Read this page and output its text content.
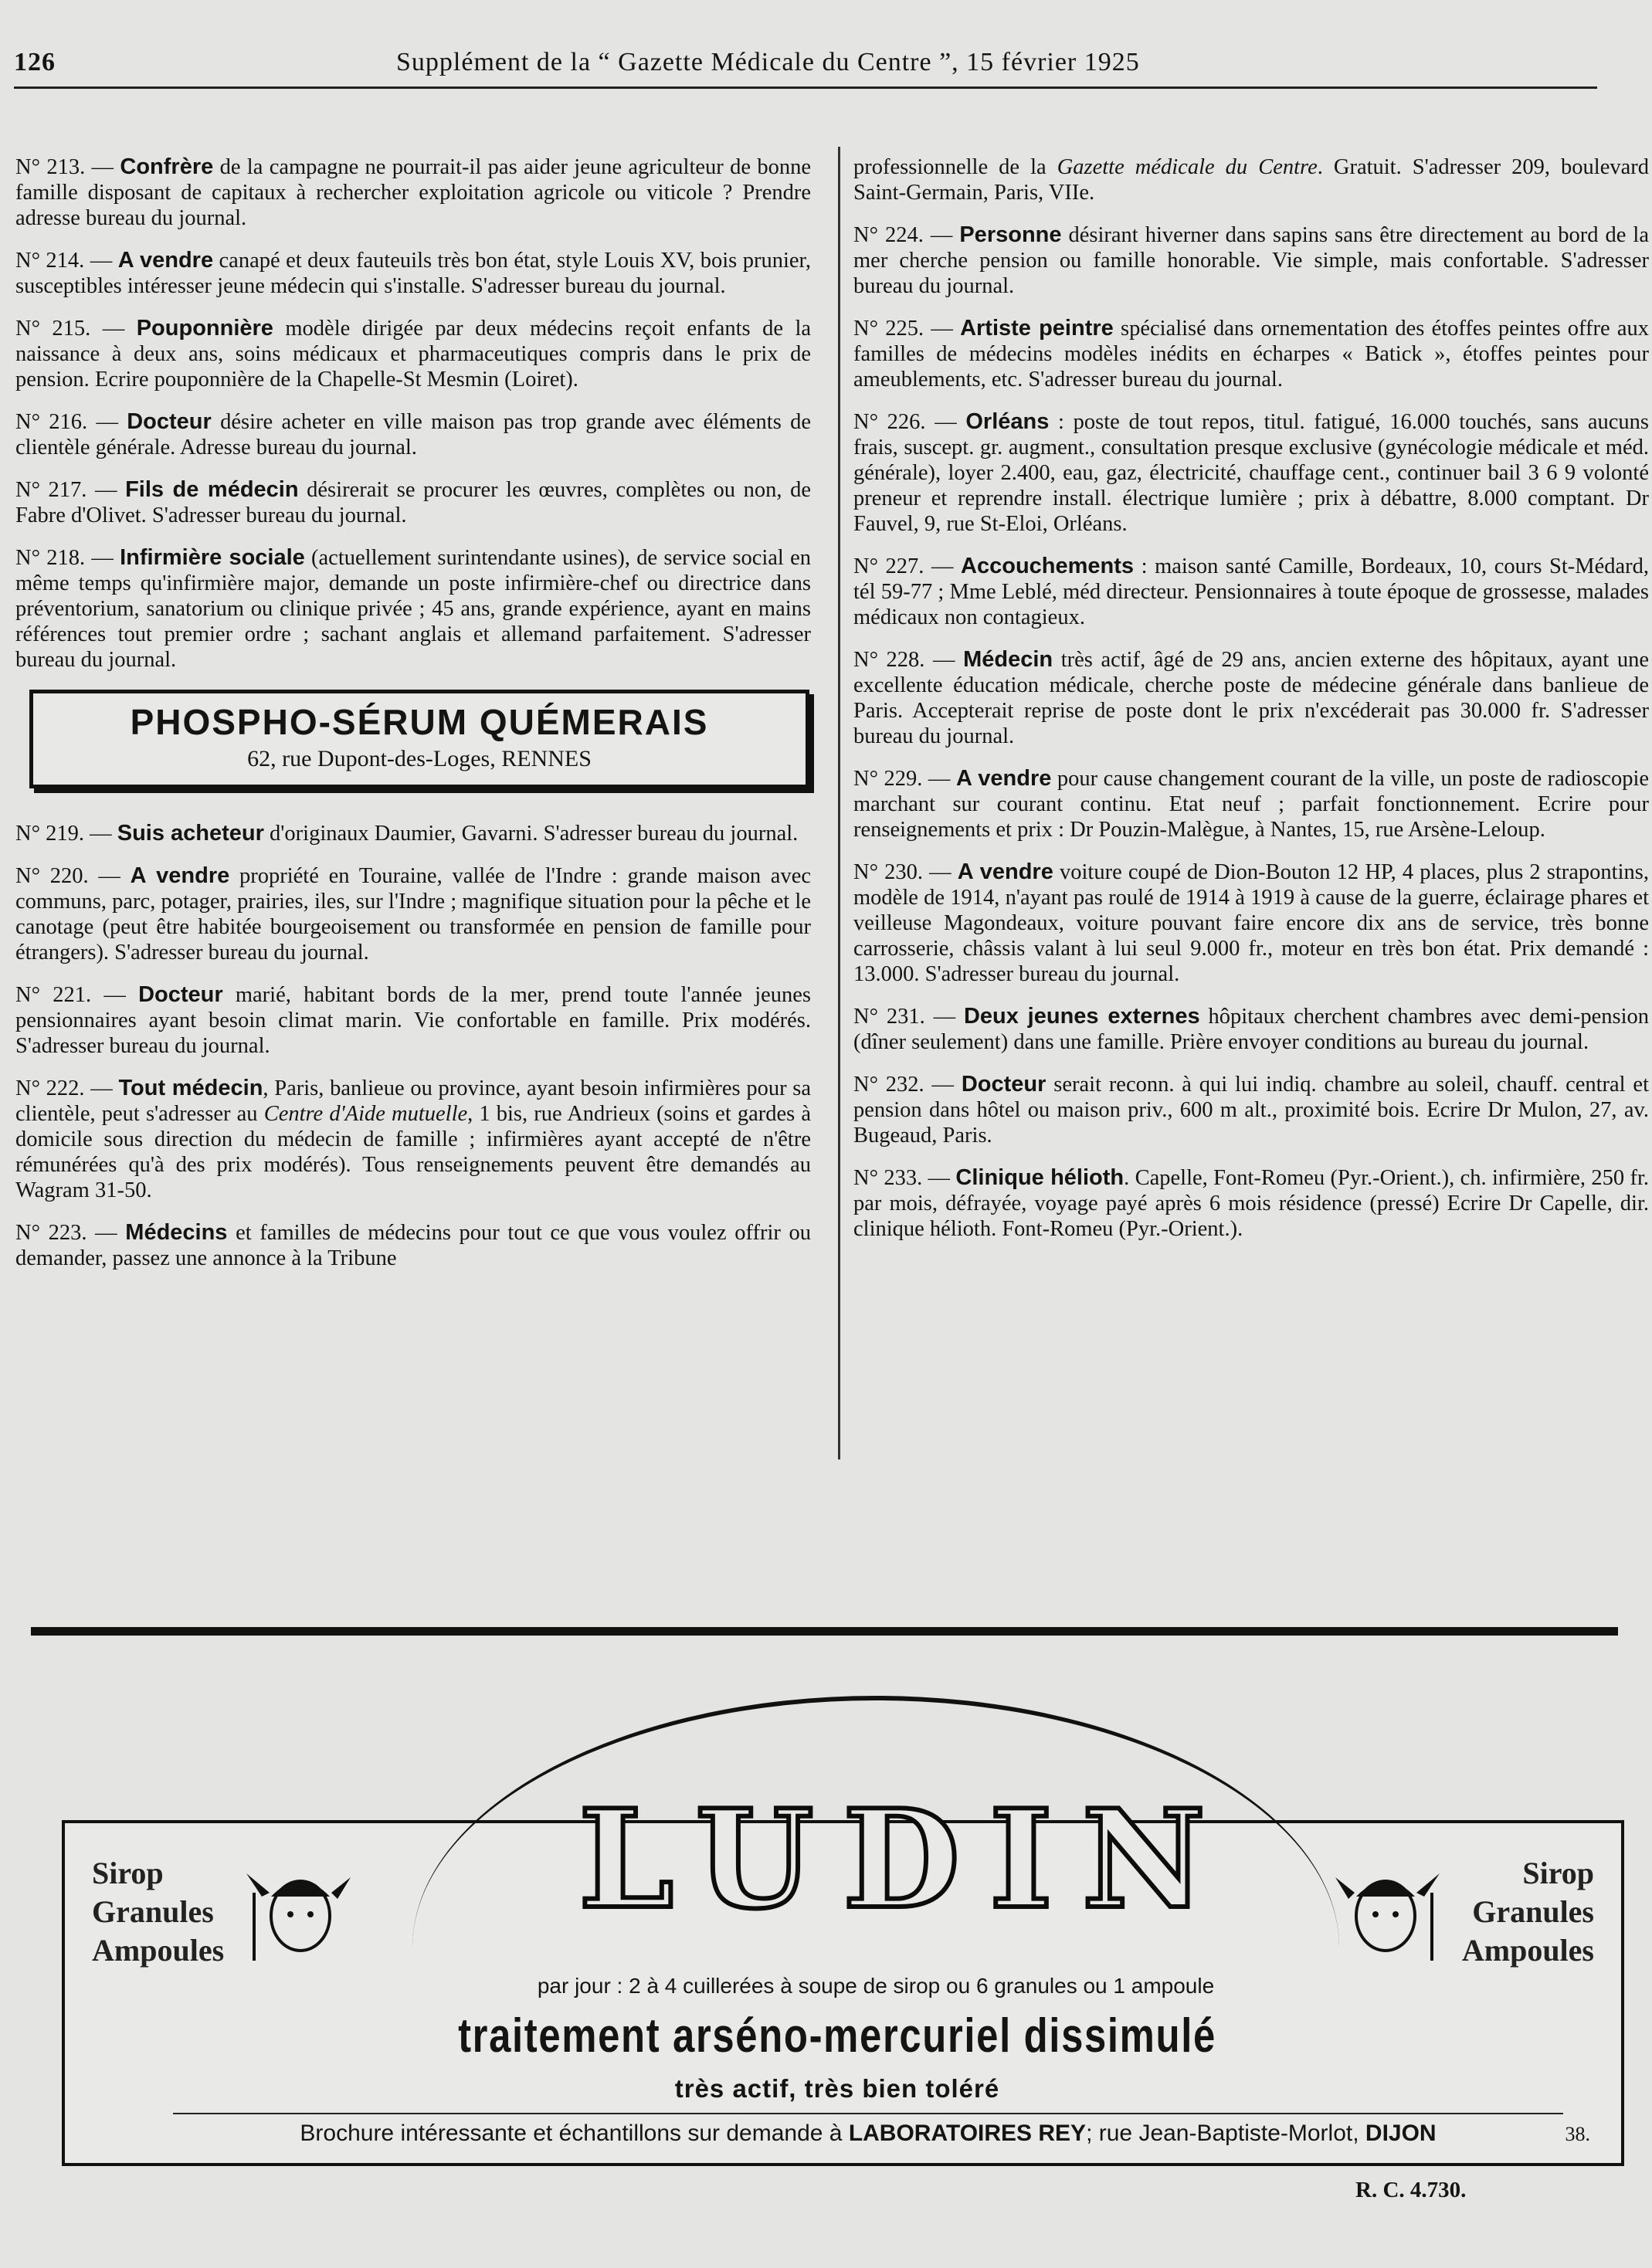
126	Supplément de la “ Gazette Médicale du Centre ”, 15 février 1925

N° 213. — Confrère de la campagne ne pourrait-il pas aider jeune agriculteur de bonne famille disposant de capitaux à rechercher exploitation agricole ou viticole ? Prendre adresse bureau du journal.

N° 214. — A vendre canapé et deux fauteuils très bon état, style Louis XV, bois prunier, susceptibles intéresser jeune médecin qui s'installe. S'adresser bureau du journal.

N° 215. — Pouponnière modèle dirigée par deux médecins reçoit enfants de la naissance à deux ans, soins médicaux et pharmaceutiques compris dans le prix de pension. Ecrire pouponnière de la Chapelle-St Mesmin (Loiret).

N° 216. — Docteur désire acheter en ville maison pas trop grande avec éléments de clientèle générale. Adresse bureau du journal.

N° 217. — Fils de médecin désirerait se procurer les œuvres, complètes ou non, de Fabre d'Olivet. S'adresser bureau du journal.

N° 218. — Infirmière sociale (actuellement surintendante usines), de service social en même temps qu'infirmière major, demande un poste infirmière-chef ou directrice dans préventorium, sanatorium ou clinique privée ; 45 ans, grande expérience, ayant en mains références tout premier ordre ; sachant anglais et allemand parfaitement. S'adresser bureau du journal.

PHOSPHO-SÉRUM QUÉMERAIS
62, rue Dupont-des-Loges, RENNES

N° 219. — Suis acheteur d'originaux Daumier, Gavarni. S'adresser bureau du journal.

N° 220. — A vendre propriété en Touraine, vallée de l'Indre : grande maison avec communs, parc, potager, prairies, iles, sur l'Indre ; magnifique situation pour la pêche et le canotage (peut être habitée bourgeoisement ou transformée en pension de famille pour étrangers). S'adresser bureau du journal.

N° 221. — Docteur marié, habitant bords de la mer, prend toute l'année jeunes pensionnaires ayant besoin climat marin. Vie confortable en famille. Prix modérés. S'adresser bureau du journal.

N° 222. — Tout médecin, Paris, banlieue ou province, ayant besoin infirmières pour sa clientèle, peut s'adresser au Centre d'Aide mutuelle, 1 bis, rue Andrieux (soins et gardes à domicile sous direction du médecin de famille ; infirmières ayant accepté de n'être rémunérées qu'à des prix modérés). Tous renseignements peuvent être demandés au Wagram 31-50.

N° 223. — Médecins et familles de médecins pour tout ce que vous voulez offrir ou demander, passez une annonce à la Tribune

professionnelle de la Gazette médicale du Centre. Gratuit. S'adresser 209, boulevard Saint-Germain, Paris, VIIe.

N° 224. — Personne désirant hiverner dans sapins sans être directement au bord de la mer cherche pension ou famille honorable. Vie simple, mais confortable. S'adresser bureau du journal.

N° 225. — Artiste peintre spécialisé dans ornementation des étoffes peintes offre aux familles de médecins modèles inédits en écharpes « Batick », étoffes peintes pour ameublements, etc. S'adresser bureau du journal.

N° 226. — Orléans : poste de tout repos, titul. fatigué, 16.000 touchés, sans aucuns frais, suscept. gr. augment., consultation presque exclusive (gynécologie médicale et méd. générale), loyer 2.400, eau, gaz, électricité, chauffage cent., continuer bail 3 6 9 volonté preneur et reprendre install. électrique lumière ; prix à débattre, 8.000 comptant. Dr Fauvel, 9, rue St-Eloi, Orléans.

N° 227. — Accouchements : maison santé Camille, Bordeaux, 10, cours St-Médard, tél 59-77 ; Mme Leblé, méd directeur. Pensionnaires à toute époque de grossesse, malades médicaux non contagieux.

N° 228. — Médecin très actif, âgé de 29 ans, ancien externe des hôpitaux, ayant une excellente éducation médicale, cherche poste de médecine générale dans banlieue de Paris. Accepterait reprise de poste dont le prix n'excéderait pas 30.000 fr. S'adresser bureau du journal.

N° 229. — A vendre pour cause changement courant de la ville, un poste de radioscopie marchant sur courant continu. Etat neuf ; parfait fonctionnement. Ecrire pour renseignements et prix : Dr Pouzin-Malègue, à Nantes, 15, rue Arsène-Leloup.

N° 230. — A vendre voiture coupé de Dion-Bouton 12 HP, 4 places, plus 2 strapontins, modèle de 1914, n'ayant pas roulé de 1914 à 1919 à cause de la guerre, éclairage phares et veilleuse Magondeaux, voiture pouvant faire encore dix ans de service, très bonne carrosserie, châssis valant à lui seul 9.000 fr., moteur en très bon état. Prix demandé : 13.000. S'adresser bureau du journal.

N° 231. — Deux jeunes externes hôpitaux cherchent chambres avec demi-pension (dîner seulement) dans une famille. Prière envoyer conditions au bureau du journal.

N° 232. — Docteur serait reconn. à qui lui indiq. chambre au soleil, chauff. central et pension dans hôtel ou maison priv., 600 m alt., proximité bois. Ecrire Dr Mulon, 27, av. Bugeaud, Paris.

N° 233. — Clinique hélioth. Capelle, Font-Romeu (Pyr.-Orient.), ch. infirmière, 250 fr. par mois, défrayée, voyage payé après 6 mois résidence (pressé) Ecrire Dr Capelle, dir. clinique hélioth. Font-Romeu (Pyr.-Orient.).

LUDIN
Sirop
Granules
Ampoules
Sirop
Granules
Ampoules
par jour : 2 à 4 cuillerées à soupe de sirop ou 6 granules ou 1 ampoule
traitement arséno-mercuriel dissimulé
très actif, très bien toléré
Brochure intéressante et échantillons sur demande à LABORATOIRES REY; rue Jean-Baptiste-Morlot, DIJON	38.
R. C. 4.730.
